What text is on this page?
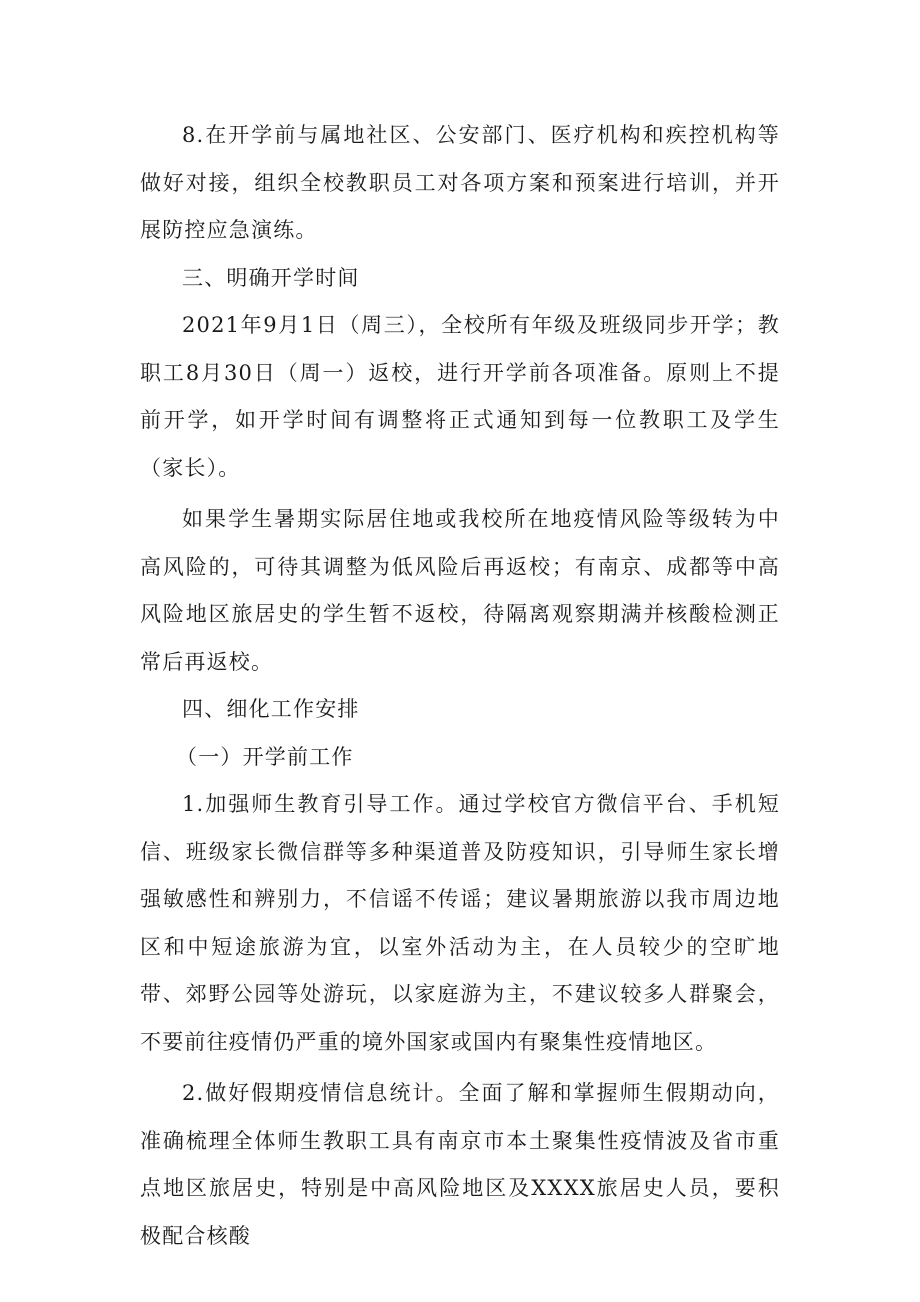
8.在开学前与属地社区、公安部门、医疗机构和疾控机构等做好对接，组织全校教职员工对各项方案和预案进行培训，并开展防控应急演练。

三、明确开学时间

2021年9月1日（周三），全校所有年级及班级同步开学；教职工8月30日（周一）返校，进行开学前各项准备。原则上不提前开学，如开学时间有调整将正式通知到每一位教职工及学生（家长）。

如果学生暑期实际居住地或我校所在地疫情风险等级转为中高风险的，可待其调整为低风险后再返校；有南京、成都等中高风险地区旅居史的学生暂不返校，待隔离观察期满并核酸检测正常后再返校。

四、细化工作安排

（一）开学前工作

1.加强师生教育引导工作。通过学校官方微信平台、手机短信、班级家长微信群等多种渠道普及防疫知识，引导师生家长增强敏感性和辨别力，不信谣不传谣；建议暑期旅游以我市周边地区和中短途旅游为宜，以室外活动为主，在人员较少的空旷地带、郊野公园等处游玩，以家庭游为主，不建议较多人群聚会，不要前往疫情仍严重的境外国家或国内有聚集性疫情地区。

2.做好假期疫情信息统计。全面了解和掌握师生假期动向，准确梳理全体师生教职工具有南京市本土聚集性疫情波及省市重点地区旅居史，特别是中高风险地区及XXXX旅居史人员，要积极配合核酸
